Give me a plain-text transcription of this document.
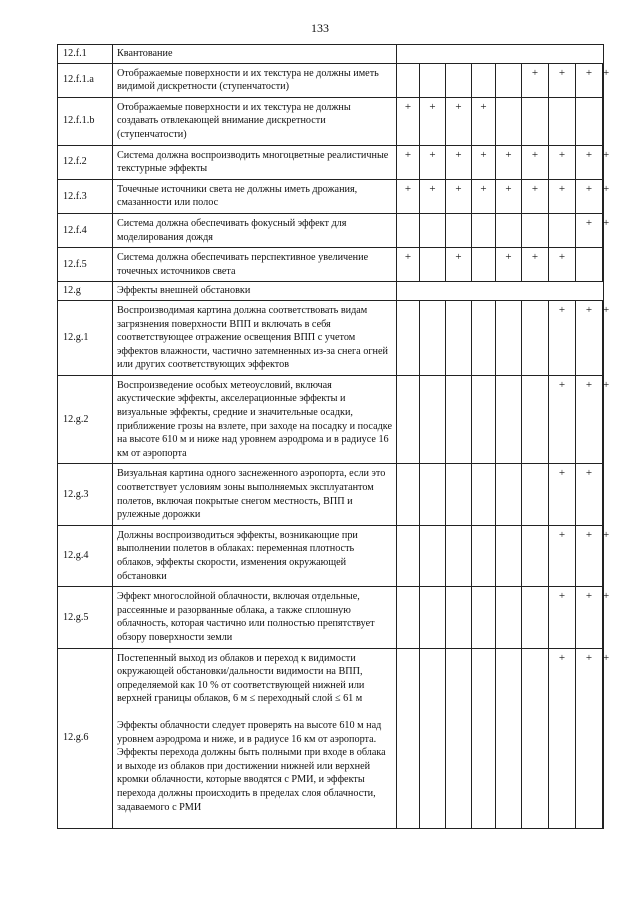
133
12.f.1	Квантование									
12.f.1.a	Отображаемые поверхности и их текстура не должны иметь видимой дискретности (ступенчатости)						+	+	+	+
12.f.1.b	Отображаемые поверхности и их текстура не должны создавать отвлекающей внимание дискретности (ступенчатости)	+	+	+	+					
12.f.2	Система должна воспроизводить многоцветные реалистичные текстурные эффекты	+	+	+	+	+	+	+	+	+
12.f.3	Точечные источники света не должны иметь дрожания, смазанности или полос	+	+	+	+	+	+	+	+	+
12.f.4	Система должна обеспечивать фокусный эффект для моделирования дождя								+	+
12.f.5	Система должна обеспечивать перспективное увеличение точечных источников света	+		+		+	+	+		
12.g	Эффекты внешней обстановки									
12.g.1	Воспроизводимая картина должна соответствовать видам загрязнения поверхности ВПП и включать в себя соответствующее отражение освещения ВПП с учетом эффектов влажности, частично затемненных из-за снега огней или других соответствующих эффектов							+	+	+
12.g.2	Воспроизведение особых метеоусловий, включая акустические эффекты, акселерационные эффекты и визуальные эффекты, средние и значительные осадки, приближение грозы на взлете, при заходе на посадку и посадке на высоте 610 м и ниже над уровнем аэродрома и в радиусе 16 км от аэропорта							+	+	+
12.g.3	Визуальная картина одного заснеженного аэропорта, если это соответствует условиям зоны выполняемых эксплуатантом полетов, включая покрытые снегом местность, ВПП и рулежные дорожки							+	+	
12.g.4	Должны воспроизводиться эффекты, возникающие при выполнении полетов в облаках: переменная плотность облаков, эффекты скорости, изменения окружающей обстановки							+	+	+
12.g.5	Эффект многослойной облачности, включая отдельные, рассеянные и разорванные облака, а также сплошную облачность, которая частично или полностью препятствует обзору поверхности земли							+	+	+
12.g.6	Постепенный выход из облаков и переход к видимости окружающей обстановки/дальности видимости на ВПП, определяемой как 10 % от соответствующей нижней или верхней границы облаков, 6 м ≤ переходный слой ≤ 61 м
Эффекты облачности следует проверять на высоте 610 м над уровнем аэродрома и ниже, и в радиусе 16 км от аэропорта. Эффекты перехода должны быть полными при входе в облака и выходе из облаков при достижении нижней или верхней кромки облачности, которые вводятся с РМИ, и эффекты перехода должны происходить в пределах слоя облачности, задаваемого с РМИ							+	+	+
